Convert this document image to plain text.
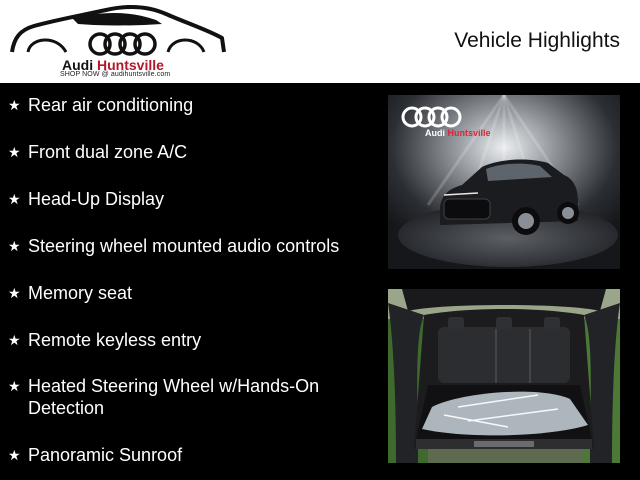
Audi Huntsville
SHOP NOW @ audihuntsville.com
Vehicle Highlights
★ Rear air conditioning
★ Front dual zone A/C
★ Head-Up Display
★ Steering wheel mounted audio controls
★ Memory seat
★ Remote keyless entry
★ Heated Steering Wheel w/Hands-On Detection
★ Panoramic Sunroof
Audi Huntsville
